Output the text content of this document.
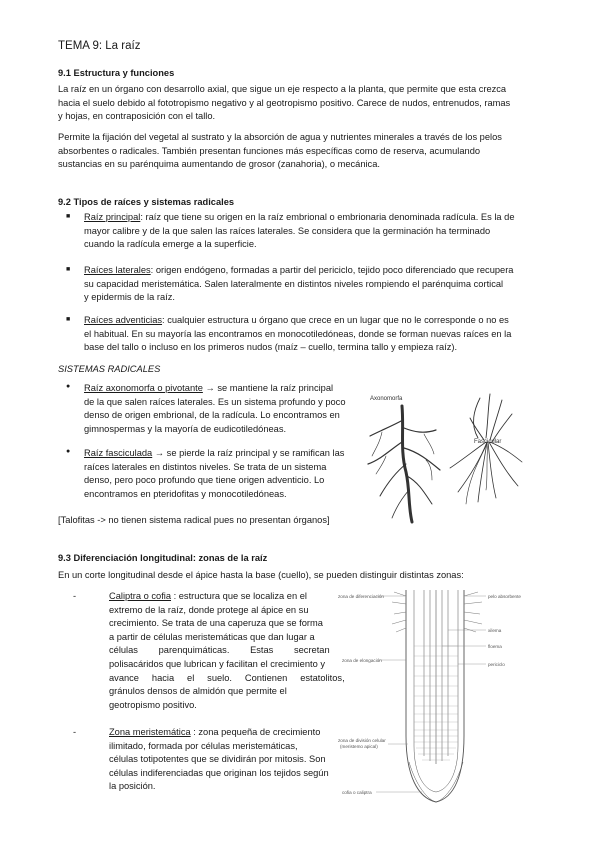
TEMA 9: La raíz
9.1 Estructura y funciones
La raíz en un órgano con desarrollo axial, que sigue un eje respecto a la planta, que permite que esta crezca
hacia el suelo debido al fototropismo negativo y al geotropismo positivo. Carece de nudos, entrenudos, ramas
y hojas, en contraposición con el tallo.
Permite la fijación del vegetal al sustrato y la absorción de agua y nutrientes minerales a través de los pelos
absorbentes o radicales. También presentan funciones más específicas como de reserva, acumulando
sustancias en su parénquima aumentando de grosor (zanahoria), o mecánica.
9.2 Tipos de raíces y sistemas radicales
■ Raíz principal: raíz que tiene su origen en la raíz embrional o embrionaria denominada radícula. Es la de
mayor calibre y de la que salen las raíces laterales. Se considera que la germinación ha terminado
cuando la radícula emerge a la superficie.
■ Raíces laterales: origen endógeno, formadas a partir del periciclo, tejido poco diferenciado que recupera
su capacidad meristemática. Salen lateralmente en distintos niveles rompiendo el parénquima cortical
y epidermis de la raíz.
■ Raíces adventicias: cualquier estructura u órgano que crece en un lugar que no le corresponde o no es
el habitual. En su mayoría las encontramos en monocotiledóneas, donde se forman nuevas raíces en la
base del tallo o incluso en los primeros nudos (maíz – cuello, termina tallo y empieza raíz).
SISTEMAS RADICALES
● Raíz axonomorfa o pivotante → se mantiene la raíz principal
de la que salen raíces laterales. Es un sistema profundo y poco
denso de origen embrional, de la radícula. Lo encontramos en
gimnospermas y la mayoría de eudicotiledóneas.
● Raíz fasciculada → se pierde la raíz principal y se ramifican las
raíces laterales en distintos niveles. Se trata de un sistema
denso, pero poco profundo que tiene origen adventicio. Lo
encontramos en pteridofitas y monocotiledóneas.
[Talofitas -> no tienen sistema radical pues no presentan órganos]
Axonomorfa
Fascicular
9.3 Diferenciación longitudinal: zonas de la raíz
En un corte longitudinal desde el ápice hasta la base (cuello), se pueden distinguir distintas zonas:
-	Caliptra o cofia : estructura que se localiza en el
extremo de la raíz, donde protege al ápice en su
crecimiento. Se trata de una caperuza que se forma
a partir de células meristemáticas que dan lugar a
células        parenquimáticas.        Estas        secretan
polisacáridos que lubrican y facilitan el crecimiento y
avance     hacia     el     suelo.     Contienen     estatolitos,
gránulos densos de almidón que permite el
geotropismo positivo.
-	Zona meristemática : zona pequeña de crecimiento
ilimitado, formada por células meristemáticas,
células totipotentes que se dividirán por mitosis. Son
células indiferenciadas que originan los tejidos según
la posición.
zona de diferenciación
zona de elongación
zona de división celular
(meristemo apical)
cofia o caliptra
pelo absorbente
xilema
floema
periciclo
